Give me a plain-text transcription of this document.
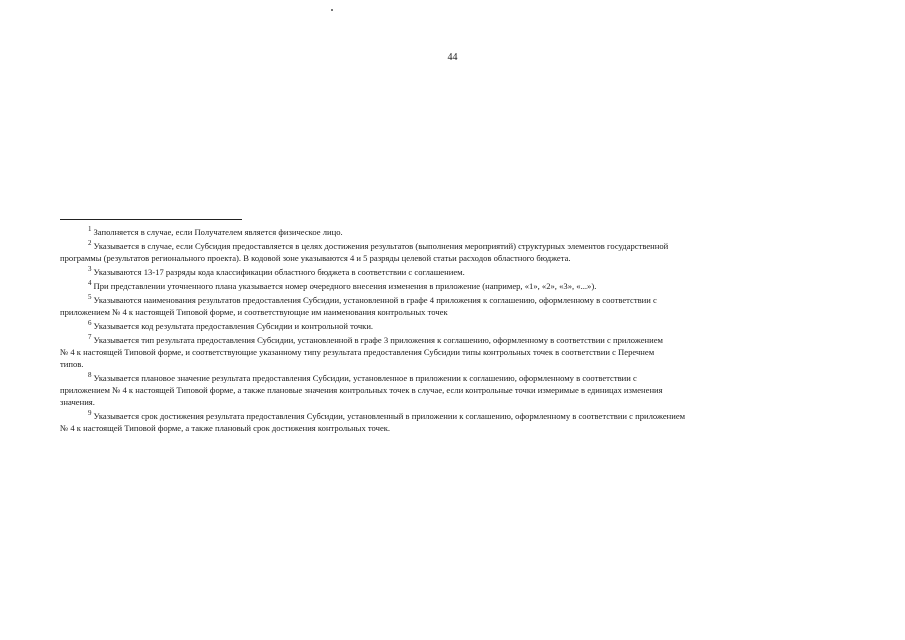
44

$^1$ Заполняется в случае, если Получателем является физическое лицо.

$^2$ Указывается в случае, если Субсидия предоставляется в целях достижения результатов (выполнения мероприятий) структурных элементов государственной
программы (результатов регионального проекта). В кодовой зоне указываются 4 и 5 разряды целевой статьи расходов областного бюджета.

$^3$ Указываются 13-17 разряды кода классификации областного бюджета в соответствии с соглашением.

$^4$ При представлении уточненного плана указывается номер очередного внесения изменения в приложение (например, «1», «2», «3», «...»).

$^5$ Указываются наименования результатов предоставления Субсидии, установленной в графе 4 приложения к соглашению, оформленному в соответствии с
приложением № 4 к настоящей Типовой форме, и соответствующие им наименования контрольных точек

$^6$ Указывается код результата предоставления Субсидии и контрольной точки.

$^7$ Указывается тип результата предоставления Субсидии, установленной в графе 3 приложения к соглашению, оформленному в соответствии с приложением
№ 4 к настоящей Типовой форме, и соответствующие указанному типу результата предоставления Субсидии типы контрольных точек в соответствии с Перечнем
типов.

$^8$ Указывается плановое значение результата предоставления Субсидии, установленное в приложении к соглашению, оформленному в соответствии с
приложением № 4 к настоящей Типовой форме, а также плановые значения контрольных точек в случае, если контрольные точки измеримые в единицах изменения
значения.

$^9$ Указывается срок достижения результата предоставления Субсидии, установленный в приложении к соглашению, оформленному в соответствии с приложением
№ 4 к настоящей Типовой форме, а также плановый срок достижения контрольных точек.
